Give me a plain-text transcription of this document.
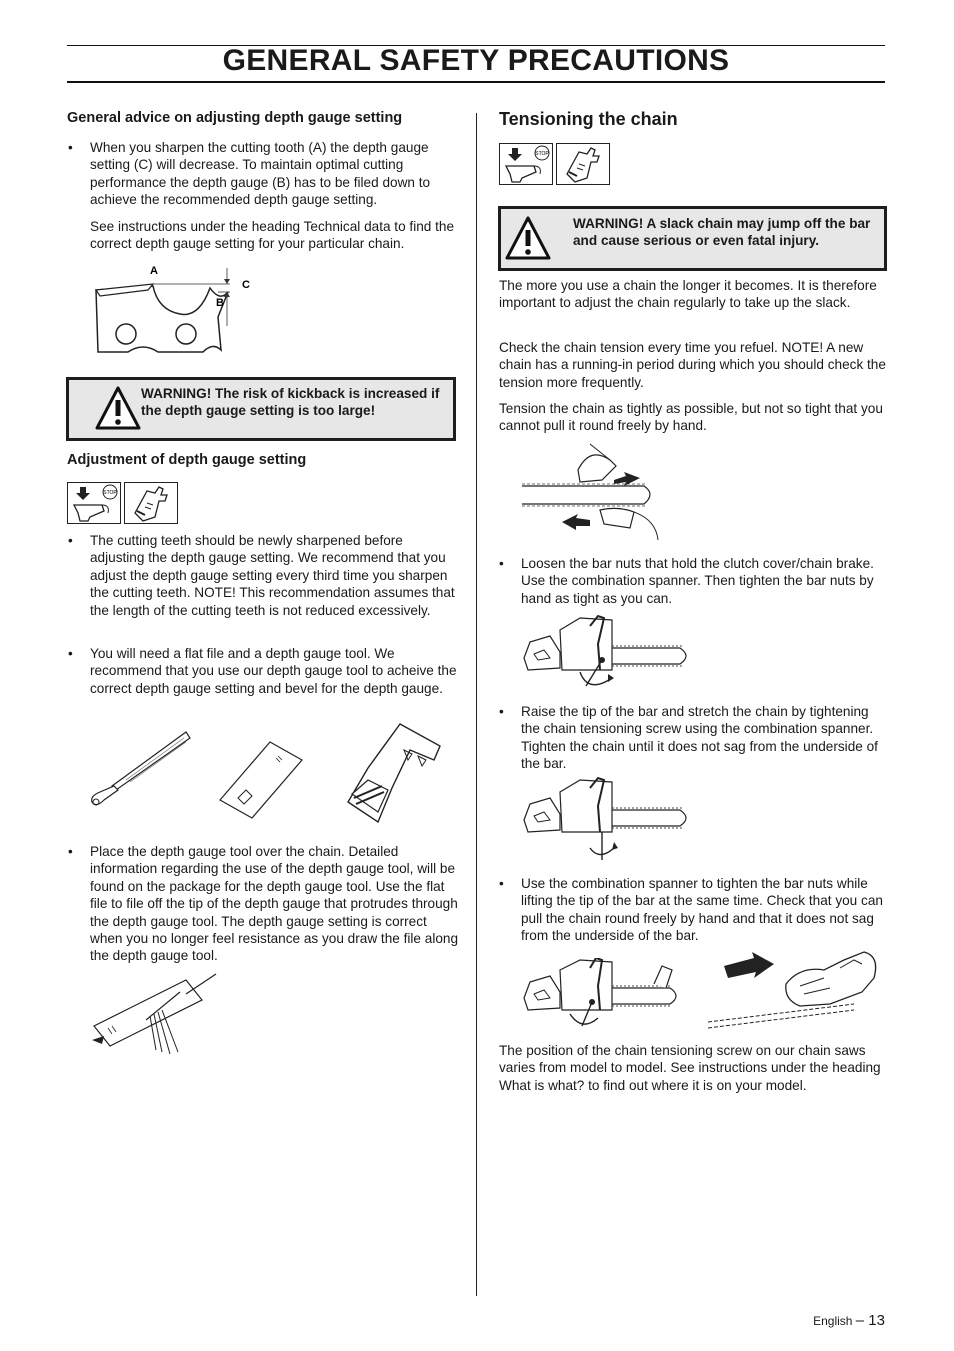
GENERAL SAFETY PRECAUTIONS
General advice on adjusting depth gauge setting
• When you sharpen the cutting tooth (A) the depth gauge setting (C) will decrease. To maintain optimal cutting performance the depth gauge (B) has to be filed down to achieve the recommended depth gauge setting.
See instructions under the heading Technical data to find the correct depth gauge setting for your particular chain.
A
B
C
WARNING! The risk of kickback is increased if the depth gauge setting is too large!
Adjustment of depth gauge setting
STOP
• The cutting teeth should be newly sharpened before adjusting the depth gauge setting. We recommend that you adjust the depth gauge setting every third time you sharpen the cutting teeth. NOTE! This recommendation assumes that the length of the cutting teeth is not reduced excessively.
• You will need a flat file and a depth gauge tool. We recommend that you use our depth gauge tool to acheive the correct depth gauge setting and bevel for the depth gauge.
• Place the depth gauge tool over the chain. Detailed information regarding the use of the depth gauge tool, will be found on the package for the depth gauge tool. Use the flat file to file off the tip of the depth gauge that protrudes through the depth gauge tool. The depth gauge setting is correct when you no longer feel resistance as you draw the file along the depth gauge tool.
Tensioning the chain
STOP
WARNING! A slack chain may jump off the bar and cause serious or even fatal injury.
The more you use a chain the longer it becomes. It is therefore important to adjust the chain regularly to take up the slack.
Check the chain tension every time you refuel. NOTE! A new chain has a running-in period during which you should check the tension more frequently.
Tension the chain as tightly as possible, but not so tight that you cannot pull it round freely by hand.
• Loosen the bar nuts that hold the clutch cover/chain brake. Use the combination spanner. Then tighten the bar nuts by hand as tight as you can.
• Raise the tip of the bar and stretch the chain by tightening the chain tensioning screw using the combination spanner. Tighten the chain until it does not sag from the underside of the bar.
• Use the combination spanner to tighten the bar nuts while lifting the tip of the bar at the same time. Check that you can pull the chain round freely by hand and that it does not sag from the underside of the bar.
The position of the chain tensioning screw on our chain saws varies from model to model. See instructions under the heading What is what? to find out where it is on your model.
English – 13
